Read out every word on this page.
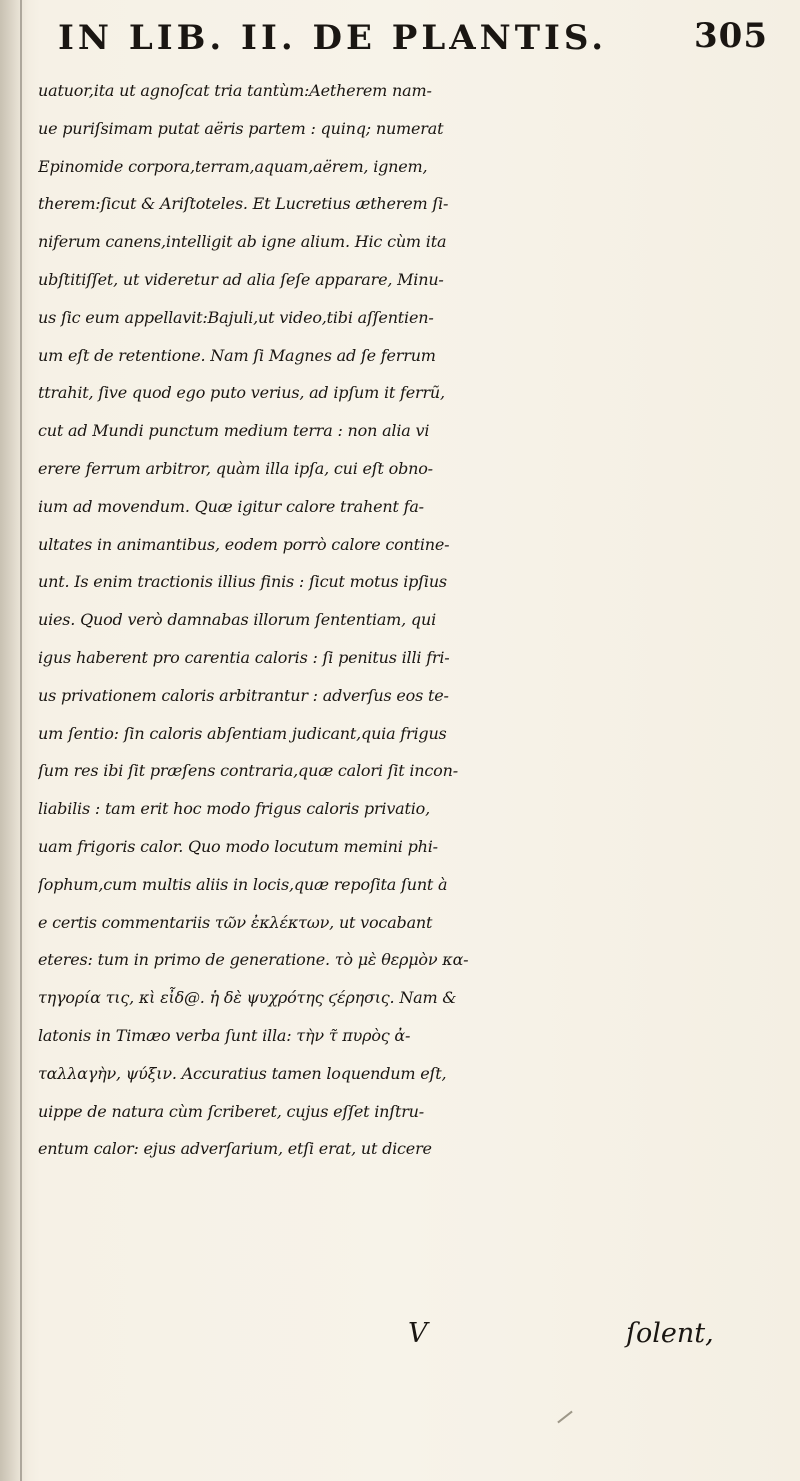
IN LIB. II. DE PLANTIS.	305
uatuor,ita ut agnoſcat tria tantùm:Aetherem nam-
ue puriſsimam putat aëris partem : quinq; numerat
Epinomide corpora,terram,aquam,aërem, ignem,
therem:ſicut & Ariſtoteles. Et Lucretius ætherem ſi-
niferum canens,intelligit ab igne alium. Hic cùm ita
ubſtitiſſet, ut videretur ad alia ſeſe apparare, Minu-
us ſic eum appellavit:Bajuli,ut video,tibi aſſentien-
um eſt de retentione. Nam ſi Magnes ad ſe ferrum
ttrahit, ſive quod ego puto verius, ad ipſum it ferrũ,
cut ad Mundi punctum medium terra : non alia vi
erere ferrum arbitror, quàm illa ipſa, cui eſt obno-
ium ad movendum. Quæ igitur calore trahent fa-
ultates in animantibus, eodem porrò calore contine-
unt. Is enim tractionis illius finis : ſicut motus ipſius
uies. Quod verò damnabas illorum ſententiam, qui
igus haberent pro carentia caloris : ſi penitus illi fri-
us privationem caloris arbitrantur : adverſus eos te-
um ſentio: ſin caloris abſentiam judicant,quia frigus
ſum res ibi ſit præſens contraria,quæ calori ſit incon-
liabilis : tam erit hoc modo frigus caloris privatio,
uam frigoris calor. Quo modo locutum memini phi-
ſophum,cum multis aliis in locis,quæ repoſita ſunt à
e certis commentariis τῶν ἐκλέκτων, ut vocabant
eteres: tum in primo de generatione. τὸ μὲ θερμὸν κα-
τηγορία τις, κὶ εἶδ@. ἡ δὲ ψυχρότης ϛέρησις. Nam &
latonis in Timæo verba ſunt illa: τὴν τ̃ πυρὸς ἀ-
ταλλαγὴν, ψύξιν. Accuratius tamen loquendum eſt,
uippe de natura cùm ſcriberet, cujus eſſet inſtru-
entum calor: ejus adverſarium, etſi erat, ut dicere
V	ſolent,
